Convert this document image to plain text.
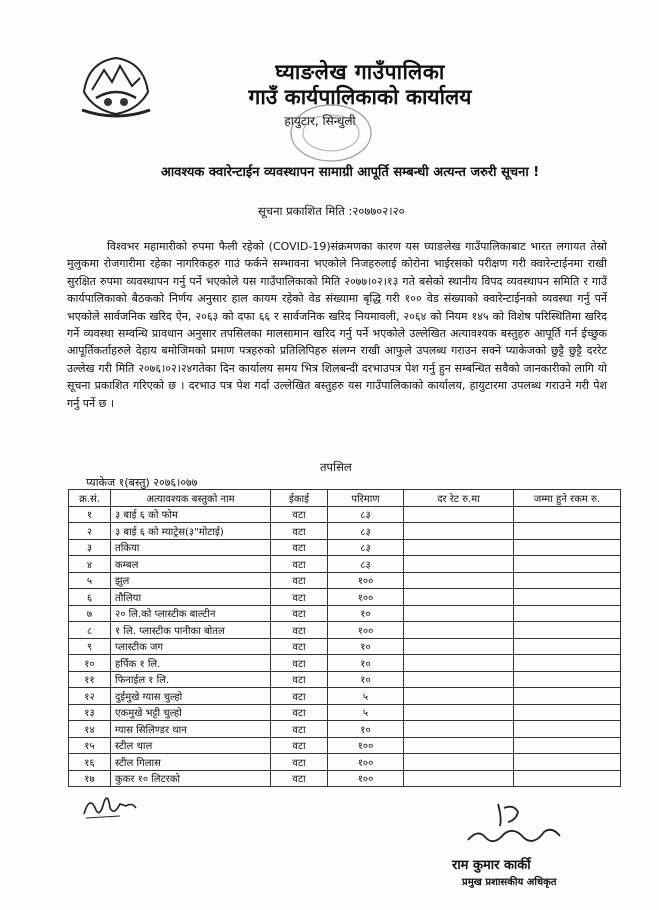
घ्याङलेख गाउँपालिका
गाउँ कार्यपालिकाको कार्यालय
हायुटार, सिन्धुली
आवश्यक क्वारेन्टाईन व्यवस्थापन सामाग्री आपूर्ति सम्बन्धी अत्यन्त जरुरी सूचना !
सूचना प्रकाशित मिति :२०७७०२।२०
विश्वभर महामारीको रुपमा फैली रहेको (COVID-19)संक्रमणका कारण यस घ्याङलेख गाउँपालिकाबाट भारत लगायत तेस्रो मुलुकमा रोजगारीमा रहेका नागरिकहरु गाउं फर्कने सम्भावना भएकोले निजहरुलाई कोरोना भाईरसको परीक्षण गरी क्वारेन्टाईनमा राखी सुरक्षित रुपमा व्यवस्थापन गर्नु पर्ने भएकोले यस गाउँपालिकाको मिति २०७७।०२।१३ गते बसेको स्थानीय विपद व्यवस्थापन समिति र गाउँ कार्यपालिकाको बैठकको निर्णय अनुसार हाल कायम रहेको वेड संख्यामा बृद्धि गरी १०० वेड संख्याको क्वारेन्टाईनको व्यवस्था गर्नु पर्ने भएकोले सार्वजनिक खरिद ऐन, २०६३ को दफा ६६ र सार्वजनिक खरिद नियमावली, २०६४ को नियम १४५ को विशेष परिस्थितिमा खरिद गर्ने व्यवस्था सम्वन्धि प्रावधान अनुसार तपसिलका मालसामान खरिद गर्नु पर्ने भएकोले उल्लेखित अत्यावश्यक बस्तुहरु आपूर्ति गर्न ईच्छुक आपूर्तिकर्ताहरुले देहाय बमोजिमको प्रमाण पत्रहरुको प्रतिलिपिहरु संलग्न राखी आफुले उपलब्ध गराउन सक्ने प्याकेजको छुट्टै छुट्टै दररेट उल्लेख गरी मिति २०७६।०२।२४गतेका दिन कार्यालय समय भित्र शिलबन्दी दरभाउपत्र पेश गर्नु हुन सम्बन्धित सवैको जानकारीको लागि यो सूचना प्रकाशित गरिएको छ । दरभाउ पत्र पेश गर्दा उल्लेखित बस्तुहरु यस गाउँपालिकाको कार्यालय, हायुटारमा उपलब्ध गराउने गरी पेश गर्नु पर्ने छ ।
तपसिल
प्याकेज १(बस्तु) २०७६।०७७
क्र.सं.	अत्यावश्यक बस्तुको नाम	ईकाई	परिमाण	दर रेट रु.मा	जम्मा हुने रकम रु.
१	३ बाई ६ को फोम	वटा	८३		
२	३ बाई ६ को म्याट्रेस(३"मोटाई)	वटा	८३		
३	तकिया	वटा	८३		
४	कम्बल	वटा	८३		
५	झुल	वटा	१००		
६	तौलिया	वटा	१००		
७	२० लि.को प्लास्टीक बाल्टीन	वटा	१०		
८	१ लि. प्लास्टीक पानीका बोतल	वटा	१००		
९	प्लास्टीक जग	वटा	१०		
१०	हर्पिक १ लि.	वटा	१०		
११	फिनाईल १ लि.	वटा	१०		
१२	दुईमुखे ग्यास चुल्हो	वटा	५		
१३	एकमुखे भट्टी चुल्हो	वटा	५		
१४	ग्यास सिलिण्डर थान	वटा	१०		
१५	स्टील थाल	वटा	१००		
१६	स्टील गिलास	वटा	१००		
१७	कुकर १० लिटरको	वटा	१००		
राम कुमार कार्की
प्रमुख प्रशासकीय अधिकृत
